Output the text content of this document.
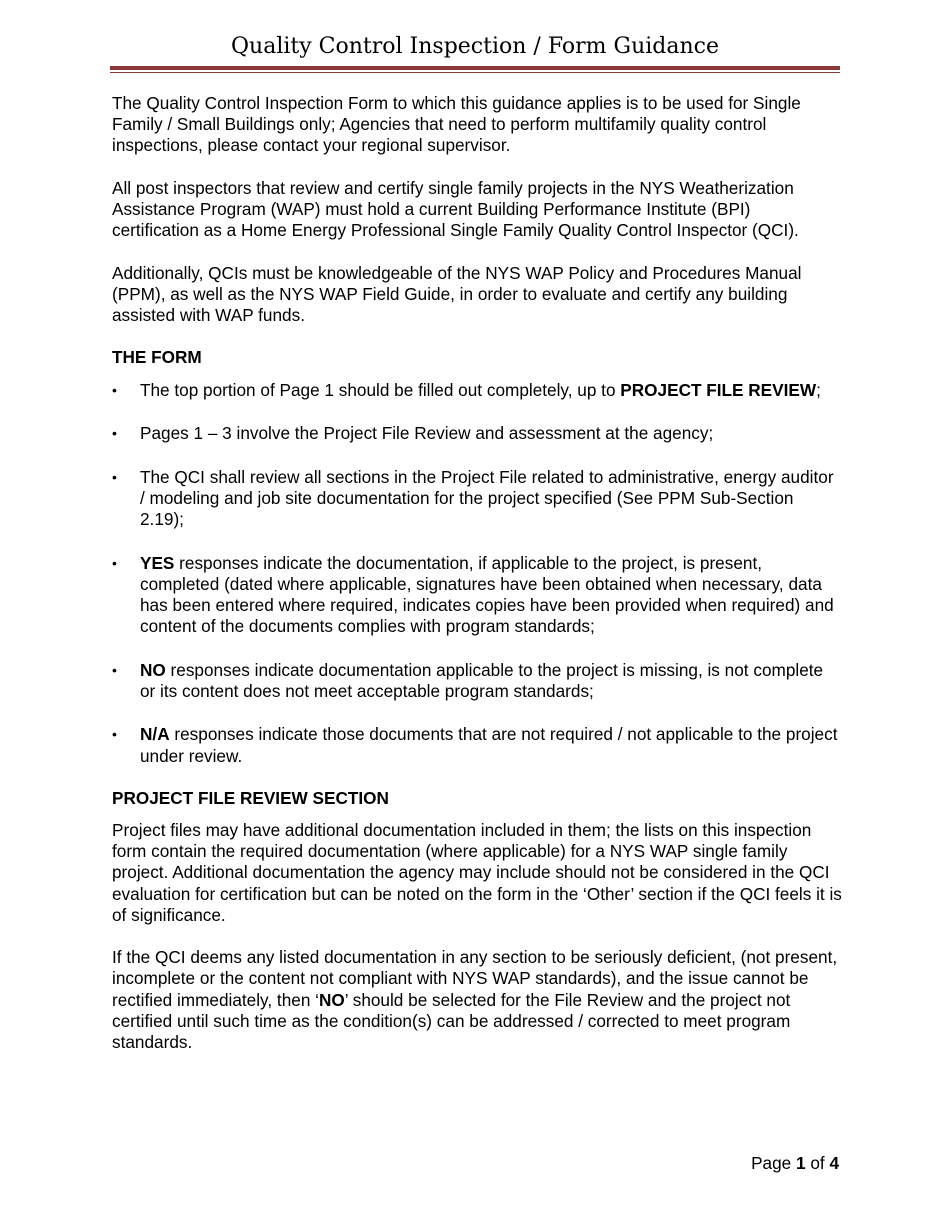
Quality Control Inspection / Form Guidance

The Quality Control Inspection Form to which this guidance applies is to be used for Single Family / Small Buildings only; Agencies that need to perform multifamily quality control inspections, please contact your regional supervisor.

All post inspectors that review and certify single family projects in the NYS Weatherization Assistance Program (WAP) must hold a current Building Performance Institute (BPI) certification as a Home Energy Professional Single Family Quality Control Inspector (QCI).

Additionally, QCIs must be knowledgeable of the NYS WAP Policy and Procedures Manual (PPM), as well as the NYS WAP Field Guide, in order to evaluate and certify any building assisted with WAP funds.

THE FORM
•	The top portion of Page 1 should be filled out completely, up to PROJECT FILE REVIEW;
•	Pages 1 – 3 involve the Project File Review and assessment at the agency;
•	The QCI shall review all sections in the Project File related to administrative, energy auditor / modeling and job site documentation for the project specified (See PPM Sub-Section 2.19);
•	YES responses indicate the documentation, if applicable to the project, is present, completed (dated where applicable, signatures have been obtained when necessary, data has been entered where required, indicates copies have been provided when required) and content of the documents complies with program standards;
•	NO responses indicate documentation applicable to the project is missing, is not complete or its content does not meet acceptable program standards;
•	N/A responses indicate those documents that are not required / not applicable to the project under review.
PROJECT FILE REVIEW SECTION

Project files may have additional documentation included in them; the lists on this inspection form contain the required documentation (where applicable) for a NYS WAP single family project. Additional documentation the agency may include should not be considered in the QCI evaluation for certification but can be noted on the form in the ‘Other’ section if the QCI feels it is of significance.

If the QCI deems any listed documentation in any section to be seriously deficient, (not present, incomplete or the content not compliant with NYS WAP standards), and the issue cannot be rectified immediately, then ‘NO’ should be selected for the File Review and the project not certified until such time as the condition(s) can be addressed / corrected to meet program standards.

Page 1 of 4
